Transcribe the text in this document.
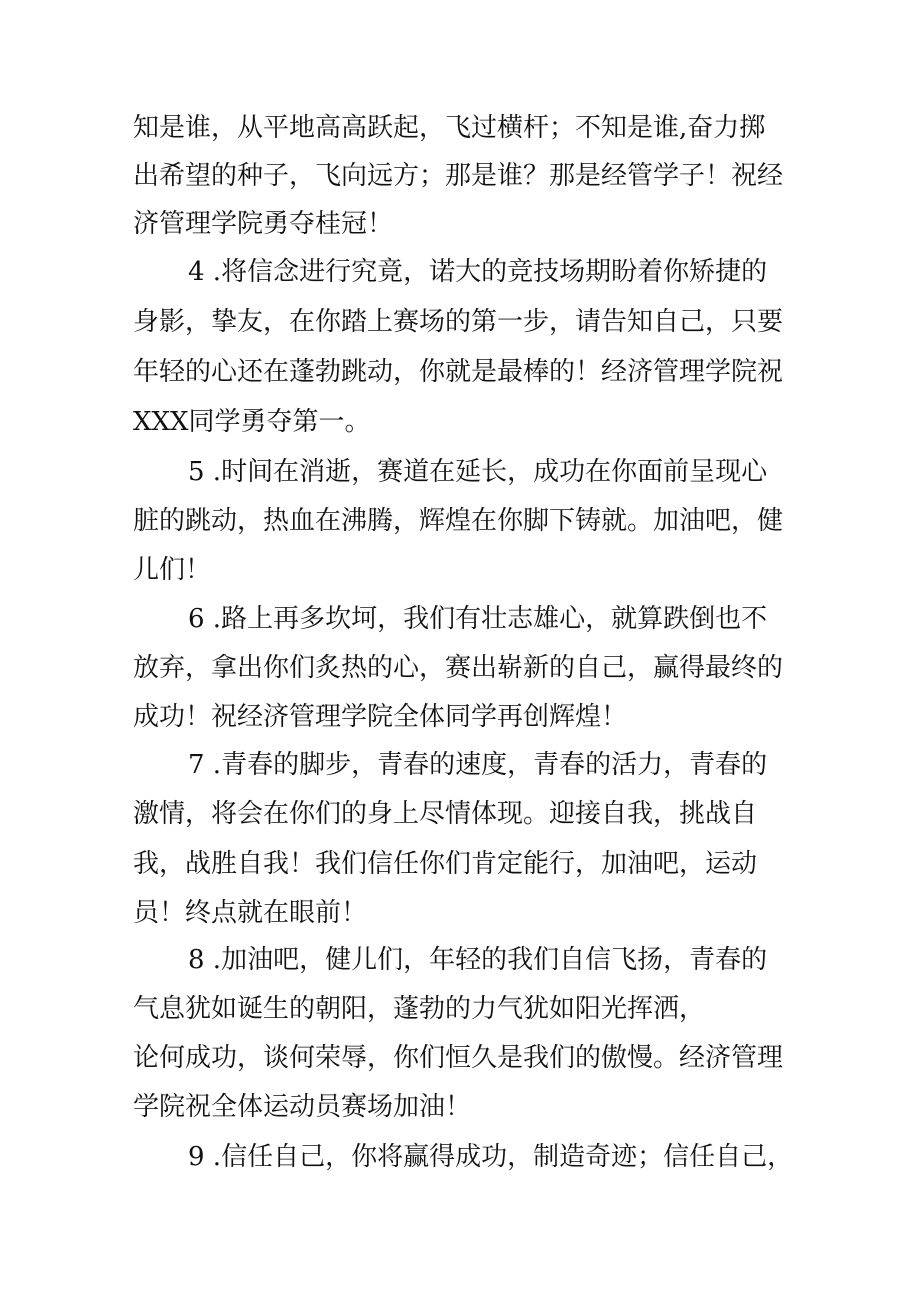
知是谁，从平地高高跃起，飞过横杆；不知是谁,奋力掷
出希望的种子，飞向远方；那是谁？那是经管学子！祝经
济管理学院勇夺桂冠！
4 .将信念进行究竟，诺大的竞技场期盼着你矫捷的
身影，挚友，在你踏上赛场的第一步，请告知自己，只要
年轻的心还在蓬勃跳动，你就是最棒的！经济管理学院祝
XXX同学勇夺第一。
5 .时间在消逝，赛道在延长，成功在你面前呈现心
脏的跳动，热血在沸腾，辉煌在你脚下铸就。加油吧，健
儿们！
6 .路上再多坎坷，我们有壮志雄心，就算跌倒也不
放弃，拿出你们炙热的心，赛出崭新的自己，赢得最终的
成功！祝经济管理学院全体同学再创辉煌！
7 .青春的脚步，青春的速度，青春的活力，青春的
激情，将会在你们的身上尽情体现。迎接自我，挑战自
我，战胜自我！我们信任你们肯定能行，加油吧，运动
员！终点就在眼前！
8 .加油吧，健儿们，年轻的我们自信飞扬，青春的
气息犹如诞生的朝阳，蓬勃的力气犹如阳光挥洒，
论何成功，谈何荣辱，你们恒久是我们的傲慢。经济管理
学院祝全体运动员赛场加油！
9 .信任自己，你将赢得成功，制造奇迹；信任自己，
